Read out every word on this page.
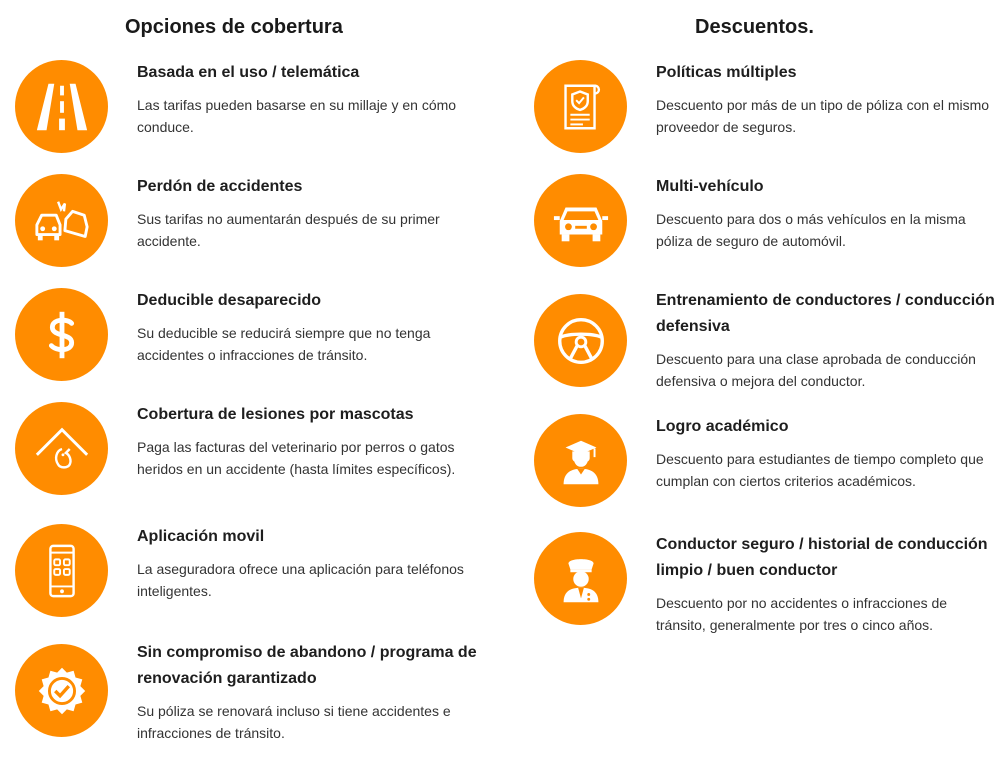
Opciones de cobertura
Basada en el uso / telemática
Las tarifas pueden basarse en su millaje y en cómo conduce.
Perdón de accidentes
Sus tarifas no aumentarán después de su primer accidente.
Deducible desaparecido
Su deducible se reducirá siempre que no tenga accidentes o infracciones de tránsito.
Cobertura de lesiones por mascotas
Paga las facturas del veterinario por perros o gatos heridos en un accidente (hasta límites específicos).
Aplicación movil
La aseguradora ofrece una aplicación para teléfonos inteligentes.
Sin compromiso de abandono / programa de renovación garantizado
Su póliza se renovará incluso si tiene accidentes e infracciones de tránsito.
Descuentos.
Políticas múltiples
Descuento por más de un tipo de póliza con el mismo proveedor de seguros.
Multi-vehículo
Descuento para dos o más vehículos en la misma póliza de seguro de automóvil.
Entrenamiento de conductores / conducción defensiva
Descuento para una clase aprobada de conducción defensiva o mejora del conductor.
Logro académico
Descuento para estudiantes de tiempo completo que cumplan con ciertos criterios académicos.
Conductor seguro / historial de conducción limpio / buen conductor
Descuento por no accidentes o infracciones de tránsito, generalmente por tres o cinco años.
